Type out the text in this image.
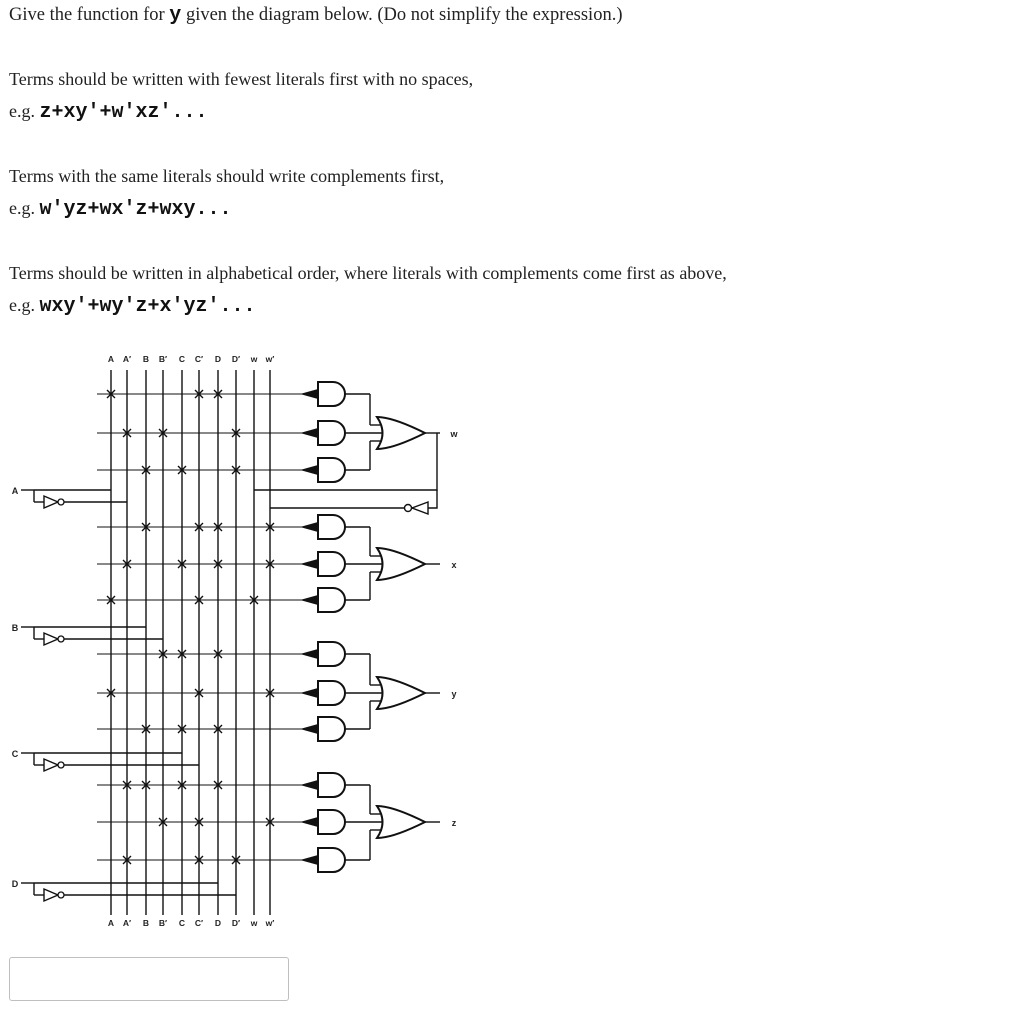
Give the function for y given the diagram below. (Do not simplify the expression.)

Terms should be written with fewest literals first with no spaces,

e.g. z+xy′+w′xz′...

Terms with the same literals should write complements first,

e.g. w′yz+wx′z+wxy...

Terms should be written in alphabetical order, where literals with complements come first as above,

e.g. wxy′+wy′z+x′yz′...

A
A
A′
A′
B
B
B′
B′
C
C
C′
C′
D
D
D′
D′
w
w
w′
w′
w
x
y
z
A
B
C
D
